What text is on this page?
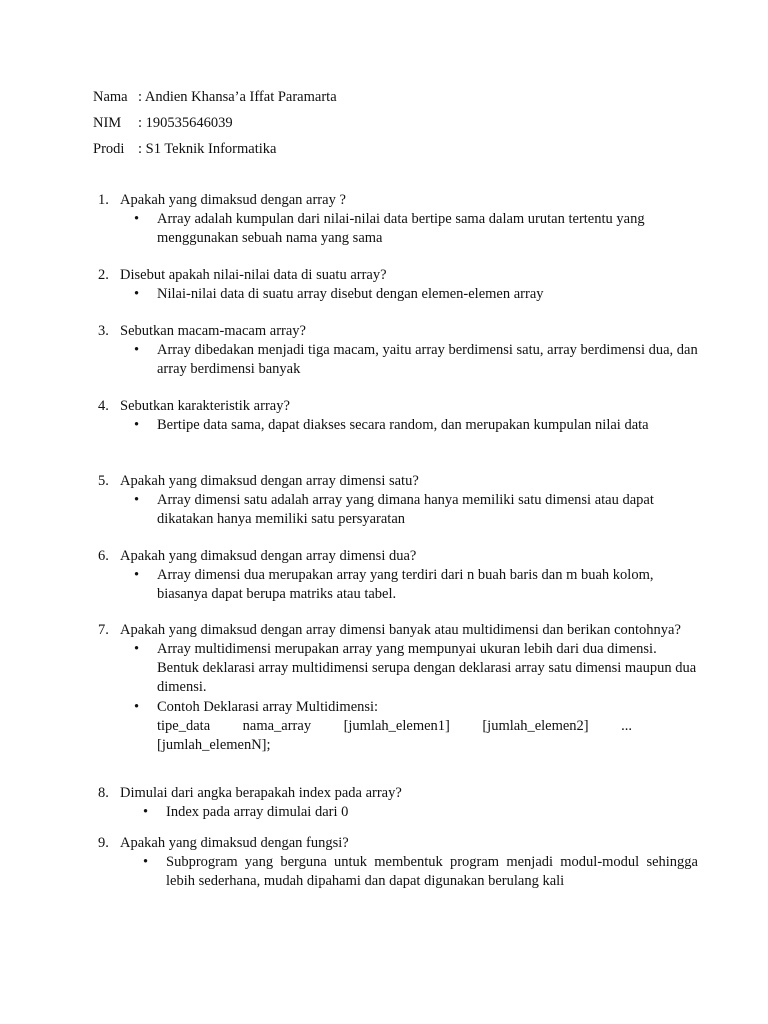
Nama : Andien Khansa’a Iffat Paramarta
NIM : 190535646039
Prodi : S1 Teknik Informatika
1. Apakah yang dimaksud dengan array ?
• Array adalah kumpulan dari nilai-nilai data bertipe sama dalam urutan tertentu yang menggunakan sebuah nama yang sama
2. Disebut apakah nilai-nilai data di suatu array?
• Nilai-nilai data di suatu array disebut dengan elemen-elemen array
3. Sebutkan macam-macam array?
• Array dibedakan menjadi tiga macam, yaitu array berdimensi satu, array berdimensi dua, dan array berdimensi banyak
4. Sebutkan karakteristik array?
• Bertipe data sama, dapat diakses secara random, dan merupakan kumpulan nilai data
5. Apakah yang dimaksud dengan array dimensi satu?
• Array dimensi satu adalah array yang dimana hanya memiliki satu dimensi atau dapat dikatakan hanya memiliki satu persyaratan
6. Apakah yang dimaksud dengan array dimensi dua?
• Array dimensi dua merupakan array yang terdiri dari n buah baris dan m buah kolom, biasanya dapat berupa matriks atau tabel.
7. Apakah yang dimaksud dengan array dimensi banyak atau multidimensi dan berikan contohnya?
• Array multidimensi merupakan array yang mempunyai ukuran lebih dari dua dimensi. Bentuk deklarasi array multidimensi serupa dengan deklarasi array satu dimensi maupun dua dimensi.
• Contoh Deklarasi array Multidimensi:
tipe_data nama_array [jumlah_elemen1] [jumlah_elemen2] ...
[jumlah_elemenN];
8. Dimulai dari angka berapakah index pada array?
• Index pada array dimulai dari 0
9. Apakah yang dimaksud dengan fungsi?
• Subprogram yang berguna untuk membentuk program menjadi modul-modul sehingga lebih sederhana, mudah dipahami dan dapat digunakan berulang kali
